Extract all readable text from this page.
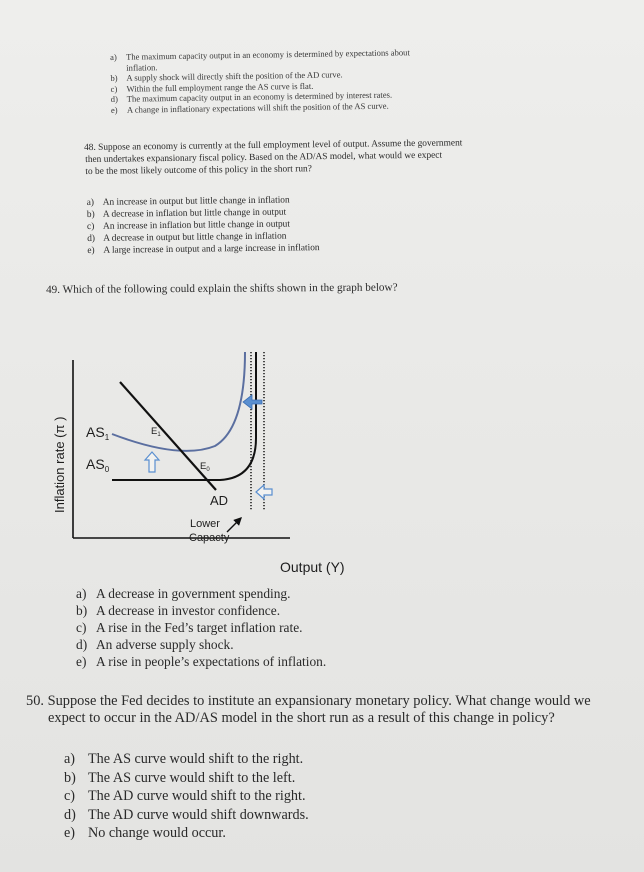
a)	The maximum capacity output in an economy is determined by expectations about
inflation.
b)	A supply shock will directly shift the position of the AD curve.
c)	Within the full employment range the AS curve is flat.
d)	The maximum capacity output in an economy is determined by interest rates.
e)	A change in inflationary expectations will shift the position of the AS curve.
48. Suppose an economy is currently at the full employment level of output. Assume the government
then undertakes expansionary fiscal policy. Based on the AD/AS model, what would we expect
to be the most likely outcome of this policy in the short run?
a) An increase in output but little change in inflation
b) A decrease in inflation but little change in output
c) An increase in inflation but little change in output
d) A decrease in output but little change in inflation
e) A large increase in output and a large increase in inflation
49. Which of the following could explain the shifts shown in the graph below?
Inflation rate (π ) $AS_1$
$AS_0$
$E_1$
$E_0$
AD
Lower
Capacty
Output (Y)
a) A decrease in government spending.
b) A decrease in investor confidence.
c) A rise in the Fed’s target inflation rate.
d) An adverse supply shock.
e) A rise in people’s expectations of inflation.
50. Suppose the Fed decides to institute an expansionary monetary policy. What change would we
expect to occur in the AD/AS model in the short run as a result of this change in policy?
a) The AS curve would shift to the right.
b) The AS curve would shift to the left.
c) The AD curve would shift to the right.
d) The AD curve would shift downwards.
e) No change would occur.
